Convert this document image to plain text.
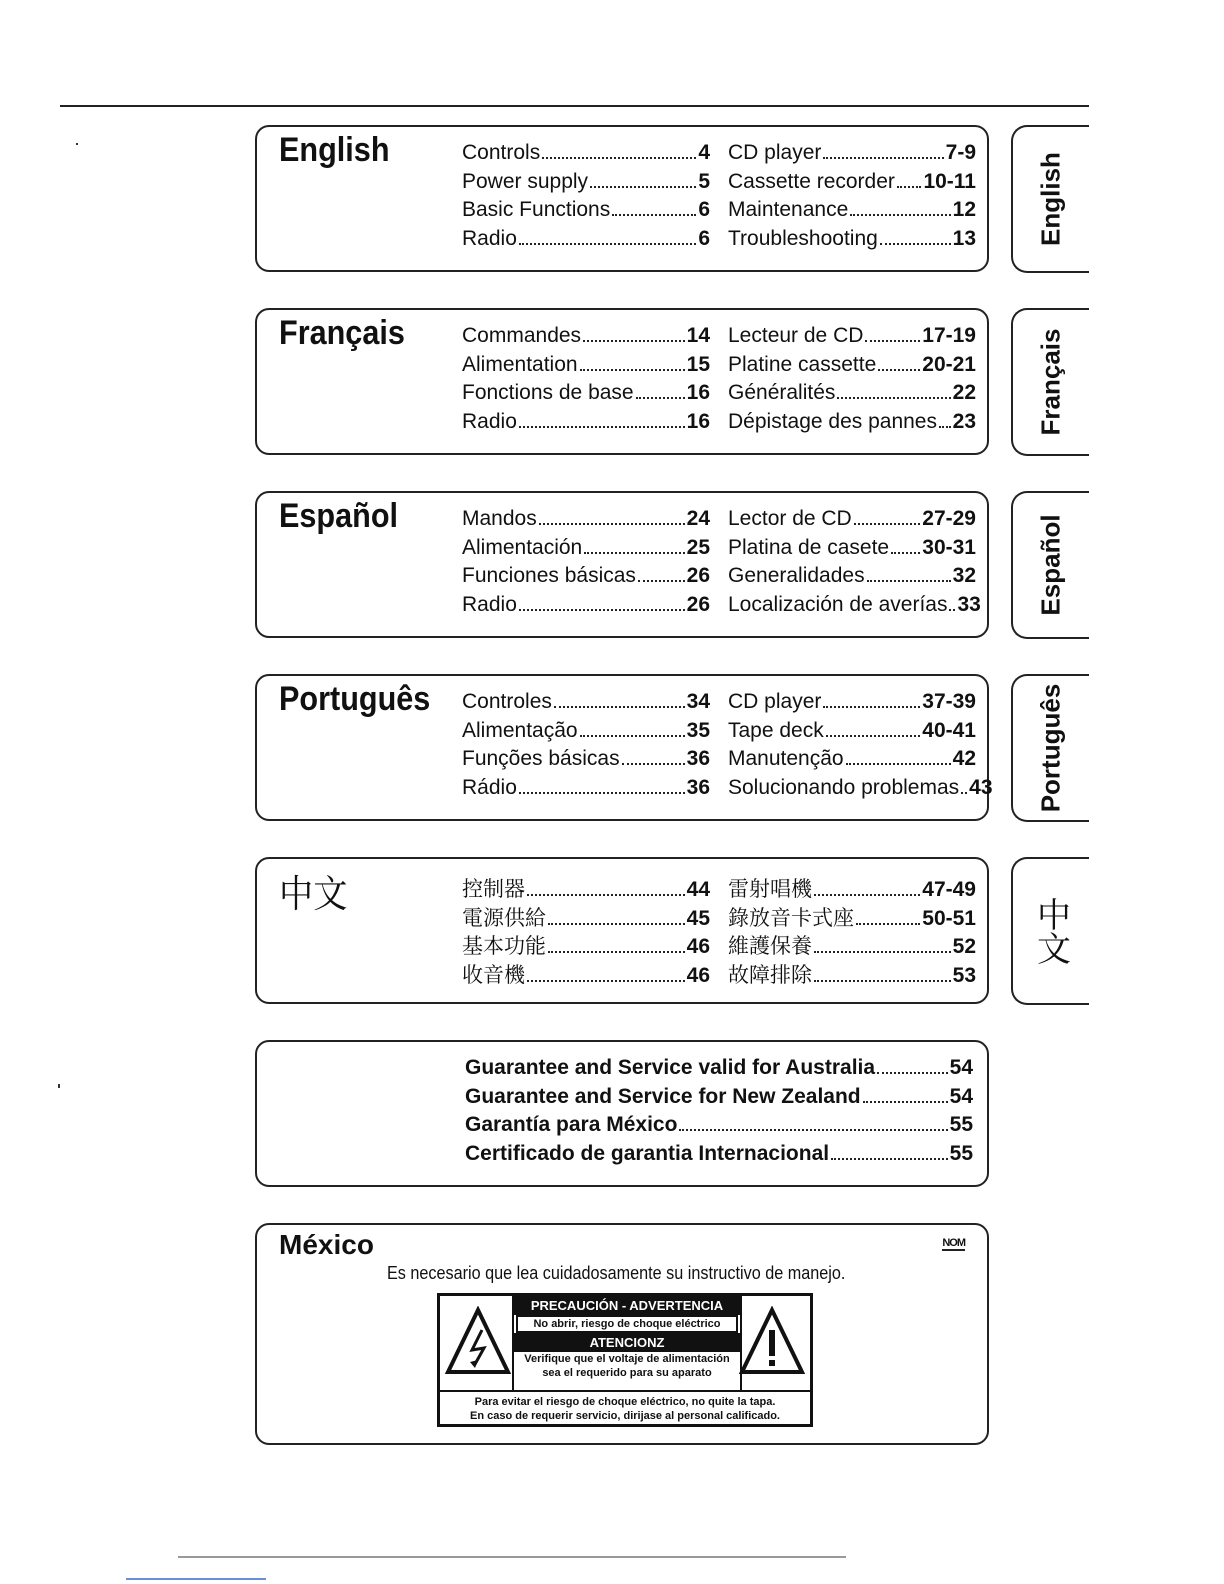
English	Controls	4
Power supply	5
Basic Functions	6
Radio	6
CD player	7-9
Cassette recorder 10-11
Maintenance	12
Troubleshooting	13 English
Français	Commandes	14
Alimentation	15
Fonctions de base	16
Radio	16
Lecteur de CD	17-19
Platine cassette 20-21
Généralités	22
Dépistage des pannes 23 Français
Español	Mandos	24
Alimentación	25
Funciones básicas 26
Radio	26
Lector de CD	27-29
Platina de casete 30-31
Generalidades	32
Localización de averías 33 Español
Português Controles	34
Alimentação	35
Funções básicas	36
Rádio	36
CD player	37-39
Tape deck	40-41
Manutenção	42
Solucionando problemas 43 Português
中文	控制器	44
電源供給	45
基本功能	46
收音機	46
雷射唱機	47-49
錄放音卡式座	50-51
維護保養	52
故障排除	53
中文
Guarantee and Service valid for Australia	54
Guarantee and Service for New Zealand	54
Garantía para México	55
Certificado de garantia Internacional	55
México	NOM
Es necesario que lea cuidadosamente su instructivo de manejo.
PRECAUCIÓN - ADVERTENCIA
No abrir, riesgo de choque eléctrico
ATENCIONZ
Verifique que el voltaje de alimentación
sea el requerido para su aparato
Para evitar el riesgo de choque eléctrico, no quite la tapa.
En caso de requerir servicio, dirijase al personal calificado.
